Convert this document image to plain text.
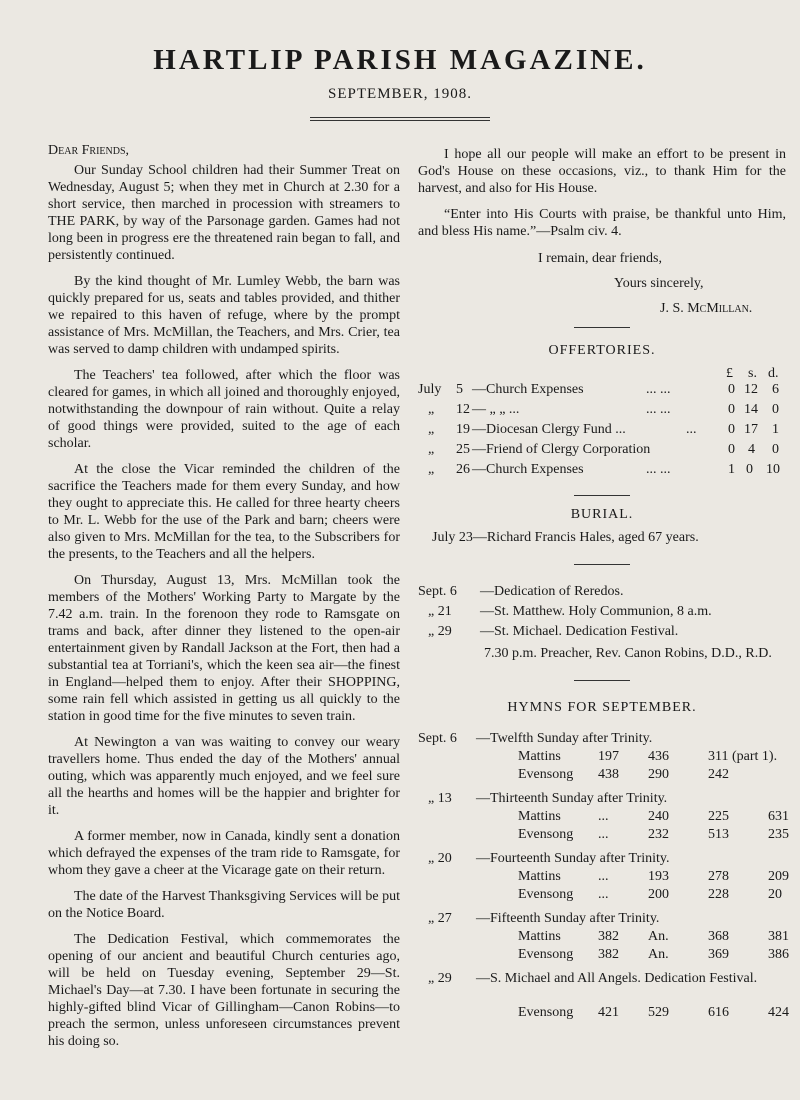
HARTLIP PARISH MAGAZINE.
SEPTEMBER, 1908.

Dear Friends,

Our Sunday School children had their Summer Treat on Wednesday, August 5; when they met in Church at 2.30 for a short service, then marched in procession with streamers to THE PARK, by way of the Parsonage garden. Games had not long been in progress ere the threatened rain began to fall, and persistently continued.

By the kind thought of Mr. Lumley Webb, the barn was quickly prepared for us, seats and tables provided, and thither we repaired to this haven of refuge, where by the prompt assistance of Mrs. McMillan, the Teachers, and Mrs. Crier, tea was served to damp children with undamped spirits.

The Teachers' tea followed, after which the floor was cleared for games, in which all joined and thoroughly enjoyed, notwithstanding the downpour of rain without. Quite a relay of good things were provided, suited to the age of each scholar.

At the close the Vicar reminded the children of the sacrifice the Teachers made for them every Sunday, and how they ought to appreciate this. He called for three hearty cheers to Mr. L. Webb for the use of the Park and barn; cheers were also given to Mrs. McMillan for the tea, to the Subscribers for the presents, to the Teachers and all the helpers.

On Thursday, August 13, Mrs. McMillan took the members of the Mothers' Working Party to Margate by the 7.42 a.m. train. In the forenoon they rode to Ramsgate on trams and back, after dinner they listened to the open-air entertainment given by Randall Jackson at the Fort, then had a substantial tea at Torriani's, which the keen sea air—the finest in England—helped them to enjoy. After their SHOPPING, some rain fell which assisted in getting us all quickly to the station in good time for the five minutes to seven train.

At Newington a van was waiting to convey our weary travellers home. Thus ended the day of the Mothers' annual outing, which was apparently much enjoyed, and we feel sure all the hearths and homes will be the happier and brighter for it.

A former member, now in Canada, kindly sent a donation which defrayed the expenses of the tram ride to Ramsgate, for whom they gave a cheer at the Vicarage gate on their return.

The date of the Harvest Thanksgiving Services will be put on the Notice Board.

The Dedication Festival, which commemorates the opening of our ancient and beautiful Church centuries ago, will be held on Tuesday evening, September 29—St. Michael's Day—at 7.30. I have been fortunate in securing the highly-gifted blind Vicar of Gillingham—Canon Robins—to preach the sermon, unless unforeseen circumstances prevent his doing so.

I hope all our people will make an effort to be present in God's House on these occasions, viz., to thank Him for the harvest, and also for His House.

“Enter into His Courts with praise, be thankful unto Him, and bless His name.”—Psalm civ. 4.

I remain, dear friends,

Yours sincerely,

J. S. McMillan.

OFFERTORIES.
£ s. d.
July 5 —Church Expenses	... ...	0 12 6
„ 12 — „ „ ...	... ...	0 14 0
„ 19 —Diocesan Clergy Fund ...	... 0 17 1
„ 25 —Friend of Clergy Corporation	0 4 0
„ 26 —Church Expenses	... ...	1 0 10
BURIAL.
July 23—Richard Francis Hales, aged 67 years.
Sept. 6 —Dedication of Reredos.
„ 21 —St. Matthew. Holy Communion, 8 a.m.
„ 29 —St. Michael. Dedication Festival.
7.30 p.m. Preacher, Rev. Canon Robins, D.D., R.D.
HYMNS FOR SEPTEMBER.
Sept. 6 —Twelfth Sunday after Trinity.
Mattins	197 436	311 (part 1).
Evensong 438 290	242
„ 13 —Thirteenth Sunday after Trinity.
Mattins	...	240	225	631
Evensong ...	232	513	235
„ 20 —Fourteenth Sunday after Trinity.
Mattins	...	193	278	209
Evensong ...	200	228	20
„ 27 —Fifteenth Sunday after Trinity.
Mattins	382 An.	368	381
Evensong 382 An.	369	386
„ 29 —S. Michael and All Angels. Dedication Festival.
Evensong 421 529	616	424
